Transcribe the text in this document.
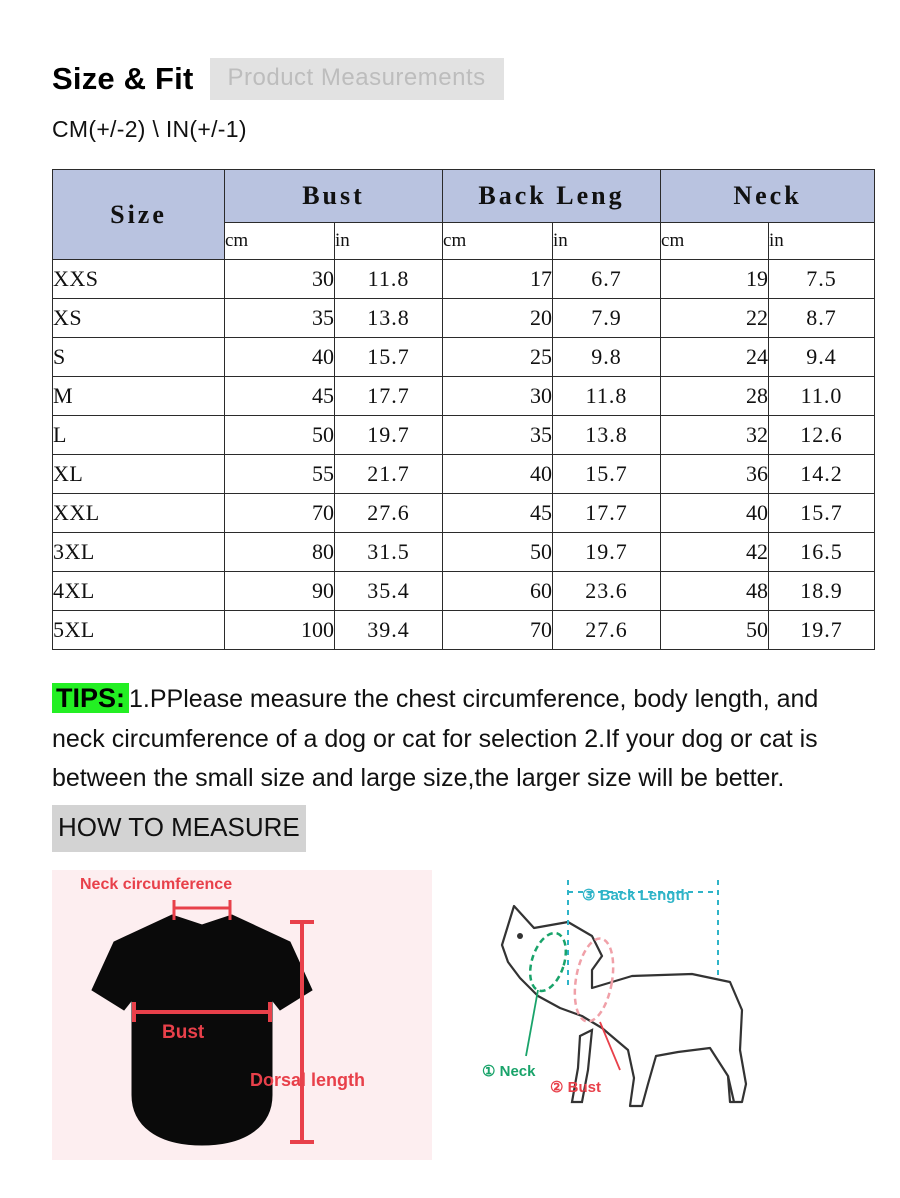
Size & Fit	Product Measurements
CM(+/-2) \ IN(+/-1)
Size	Bust		Back Leng		Neck	
	cm	in	cm	in	cm	in
XXS	30	11.8	17	6.7	19	7.5
XS	35	13.8	20	7.9	22	8.7
S	40	15.7	25	9.8	24	9.4
M	45	17.7	30	11.8	28	11.0
L	50	19.7	35	13.8	32	12.6
XL	55	21.7	40	15.7	36	14.2
XXL	70	27.6	45	17.7	40	15.7
3XL	80	31.5	50	19.7	42	16.5
4XL	90	35.4	60	23.6	48	18.9
5XL	100	39.4	70	27.6	50	19.7
TIPS: 1.PPlease measure the chest circumference, body length, and neck circumference of a dog or cat for selection 2.If your dog or cat is between the small size and large size,the larger size will be better.
HOW TO MEASURE
Neck circumference
Bust
Dorsal length
③ Back Length
① Neck
② Bust
